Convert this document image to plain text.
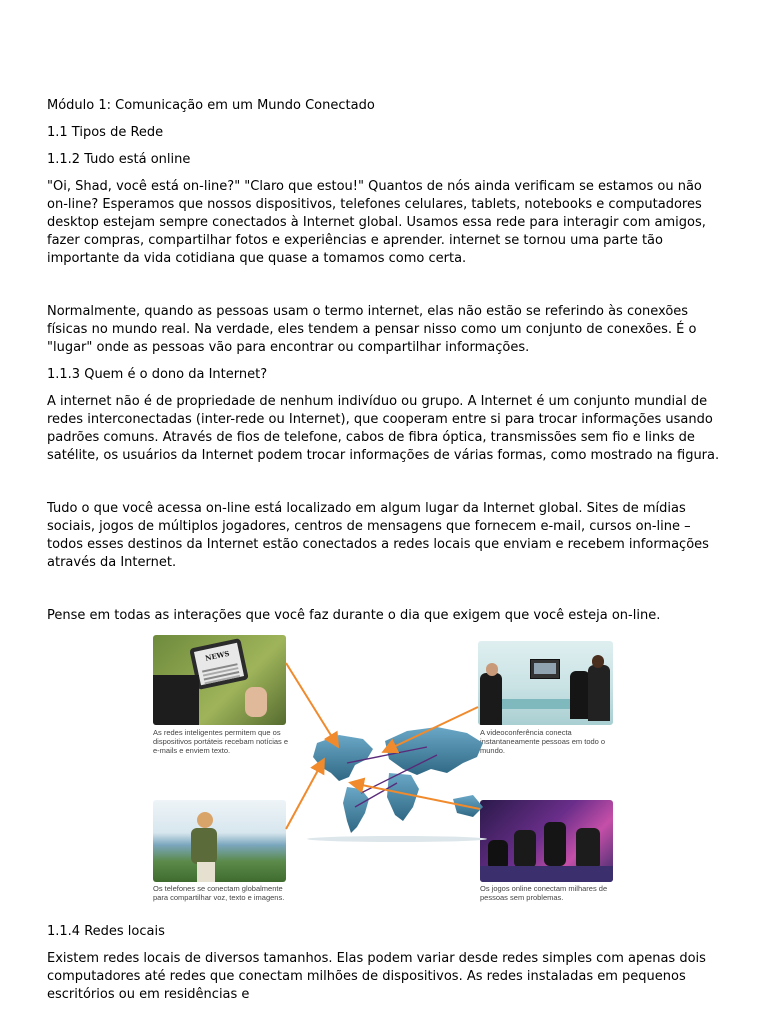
Módulo 1: Comunicação em um Mundo Conectado
1.1 Tipos de Rede
1.1.2 Tudo está online
"Oi, Shad, você está on-line?" "Claro que estou!" Quantos de nós ainda verificam se estamos ou não on-line? Esperamos que nossos dispositivos, telefones celulares, tablets, notebooks e computadores desktop estejam sempre conectados à Internet global. Usamos essa rede para interagir com amigos, fazer compras, compartilhar fotos e experiências e aprender. internet se tornou uma parte tão importante da vida cotidiana que quase a tomamos como certa.
Normalmente, quando as pessoas usam o termo internet, elas não estão se referindo às conexões físicas no mundo real. Na verdade, eles tendem a pensar nisso como um conjunto de conexões. É o "lugar" onde as pessoas vão para encontrar ou compartilhar informações.
1.1.3 Quem é o dono da Internet?
A internet não é de propriedade de nenhum indivíduo ou grupo. A Internet é um conjunto mundial de redes interconectadas (inter-rede ou Internet), que cooperam entre si para trocar informações usando padrões comuns. Através de fios de telefone, cabos de fibra óptica, transmissões sem fio e links de satélite, os usuários da Internet podem trocar informações de várias formas, como mostrado na figura.
Tudo o que você acessa on-line está localizado em algum lugar da Internet global. Sites de mídias sociais, jogos de múltiplos jogadores, centros de mensagens que fornecem e-mail, cursos on-line – todos esses destinos da Internet estão conectados a redes locais que enviam e recebem informações através da Internet.
Pense em todas as interações que você faz durante o dia que exigem que você esteja on-line.
NEWS
As redes inteligentes permitem que os dispositivos portáteis recebam notícias e e-mails e enviem texto.
A videoconferência conecta instantaneamente pessoas em todo o mundo.
Os telefones se conectam globalmente para compartilhar voz, texto e imagens.
Os jogos online conectam milhares de pessoas sem problemas.
1.1.4 Redes locais
Existem redes locais de diversos tamanhos. Elas podem variar desde redes simples com apenas dois computadores até redes que conectam milhões de dispositivos. As redes instaladas em pequenos escritórios ou em residências e
